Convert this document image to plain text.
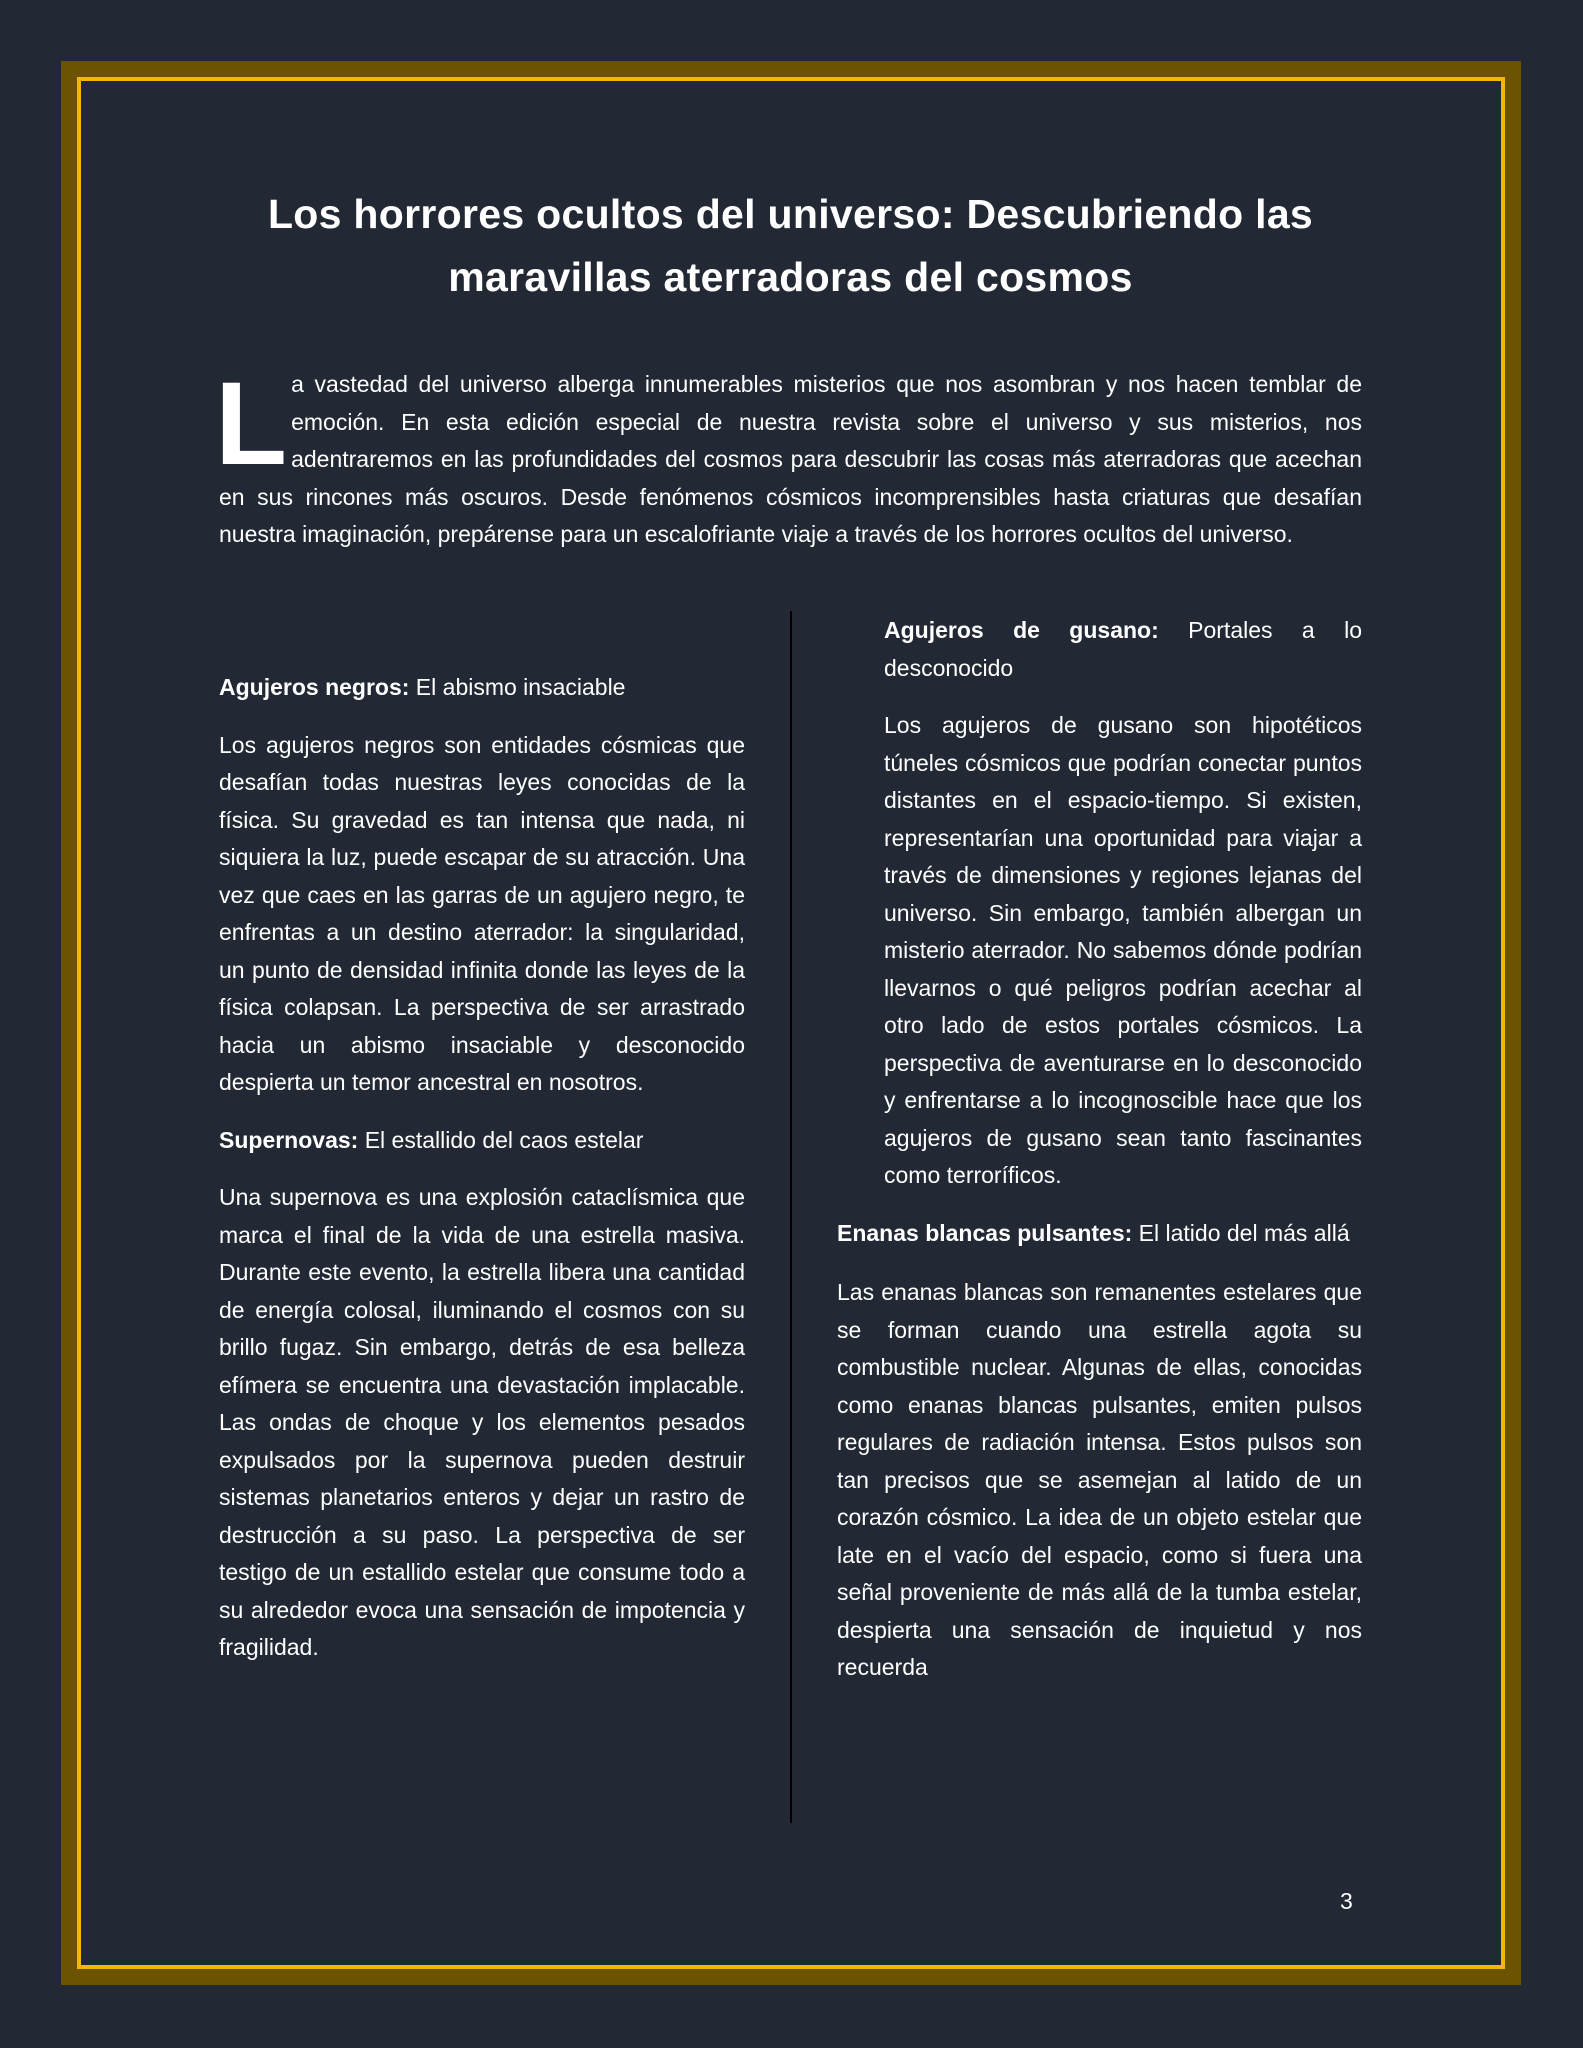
Los horrores ocultos del universo: Descubriendo las maravillas aterradoras del cosmos
L a vastedad del universo alberga innumerables misterios que nos asombran y nos hacen temblar de emoción. En esta edición especial de nuestra revista sobre el universo y sus misterios, nos adentraremos en las profundidades del cosmos para descubrir las cosas más aterradoras que acechan en sus rincones más oscuros. Desde fenómenos cósmicos incomprensibles hasta criaturas que desafían nuestra imaginación, prepárense para un escalofriante viaje a través de los horrores ocultos del universo.

Agujeros negros: El abismo insaciable

Los agujeros negros son entidades cósmicas que desafían todas nuestras leyes conocidas de la física. Su gravedad es tan intensa que nada, ni siquiera la luz, puede escapar de su atracción. Una vez que caes en las garras de un agujero negro, te enfrentas a un destino aterrador: la singularidad, un punto de densidad infinita donde las leyes de la física colapsan. La perspectiva de ser arrastrado hacia un abismo insaciable y desconocido despierta un temor ancestral en nosotros.

Supernovas: El estallido del caos estelar

Una supernova es una explosión cataclísmica que marca el final de la vida de una estrella masiva. Durante este evento, la estrella libera una cantidad de energía colosal, iluminando el cosmos con su brillo fugaz. Sin embargo, detrás de esa belleza efímera se encuentra una devastación implacable. Las ondas de choque y los elementos pesados expulsados por la supernova pueden destruir sistemas planetarios enteros y dejar un rastro de destrucción a su paso. La perspectiva de ser testigo de un estallido estelar que consume todo a su alrededor evoca una sensación de impotencia y fragilidad.

Agujeros de gusano: Portales a lo desconocido

Los agujeros de gusano son hipotéticos túneles cósmicos que podrían conectar puntos distantes en el espacio-tiempo. Si existen, representarían una oportunidad para viajar a través de dimensiones y regiones lejanas del universo. Sin embargo, también albergan un misterio aterrador. No sabemos dónde podrían llevarnos o qué peligros podrían acechar al otro lado de estos portales cósmicos. La perspectiva de aventurarse en lo desconocido y enfrentarse a lo incognoscible hace que los agujeros de gusano sean tanto fascinantes como terroríficos.

Enanas blancas pulsantes: El latido del más allá

Las enanas blancas son remanentes estelares que se forman cuando una estrella agota su combustible nuclear. Algunas de ellas, conocidas como enanas blancas pulsantes, emiten pulsos regulares de radiación intensa. Estos pulsos son tan precisos que se asemejan al latido de un corazón cósmico. La idea de un objeto estelar que late en el vacío del espacio, como si fuera una señal proveniente de más allá de la tumba estelar, despierta una sensación de inquietud y nos recuerda

3
